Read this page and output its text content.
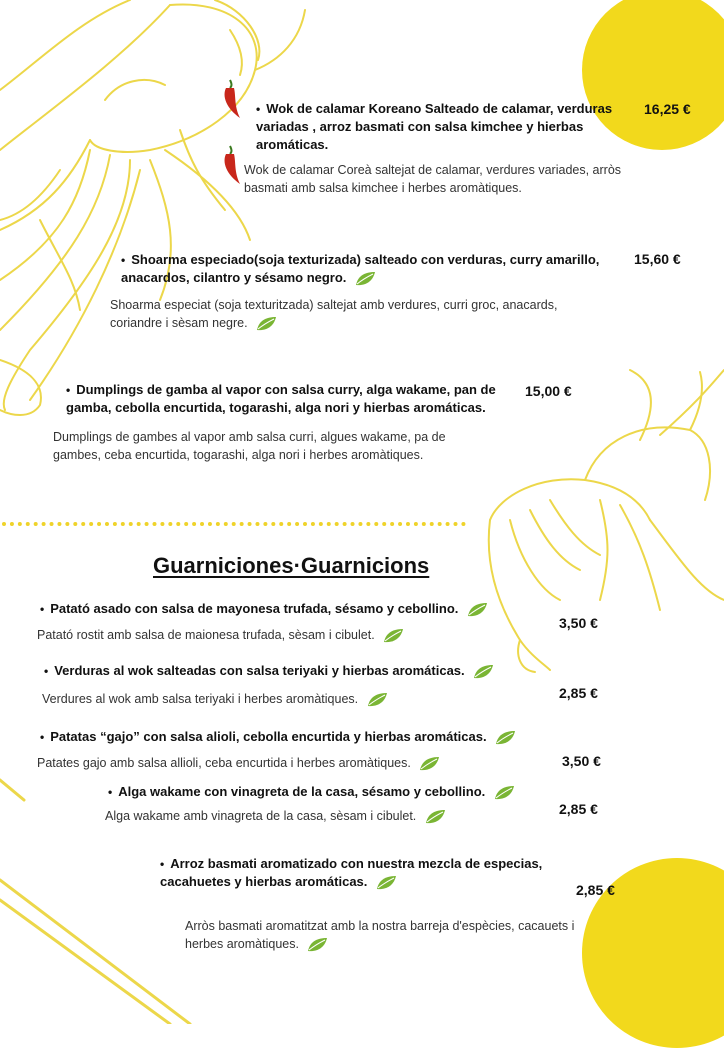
• Wok de calamar Koreano Salteado de calamar, verduras variadas , arroz basmati con salsa kimchee y hierbas aromáticas.
16,25 €
Wok de calamar Coreà saltejat de calamar, verdures variades, arròs basmati amb salsa kimchee i herbes aromàtiques.
• Shoarma especiado(soja texturizada) salteado con verduras, curry amarillo, anacardos, cilantro y sésamo negro.
15,60 €
Shoarma especiat (soja texturitzada) saltejat amb verdures, curri groc, anacards, coriandre i sèsam negre.
• Dumplings de gamba al vapor con salsa curry, alga wakame, pan de gamba, cebolla encurtida, togarashi, alga nori y hierbas aromáticas.
15,00 €
Dumplings de gambes al vapor amb salsa curri, algues wakame, pa de gambes, ceba encurtida, togarashi, alga nori i herbes aromàtiques.
Guarniciones·Guarnicions
• Patató asado con salsa de mayonesa trufada, sésamo y cebollino.
Patató rostit amb salsa de maionesa trufada, sèsam i cibulet.
3,50 €
• Verduras al wok salteadas con salsa teriyaki y hierbas aromáticas.
Verdures al wok amb salsa teriyaki i herbes aromàtiques.	2,85 €
• Patatas “gajo” con salsa alioli, cebolla encurtida y hierbas aromáticas.
Patates gajo amb salsa allioli, ceba encurtida i herbes aromàtiques.	3,50 €
• Alga wakame con vinagreta de la casa, sésamo y cebollino.
Alga wakame amb vinagreta de la casa, sèsam i cibulet.	2,85 €
• Arroz basmati aromatizado con nuestra mezcla de especias, cacahuetes y hierbas aromáticas.
2,85 €
Arròs basmati aromatitzat amb la nostra barreja d'espècies, cacauets i herbes aromàtiques.
